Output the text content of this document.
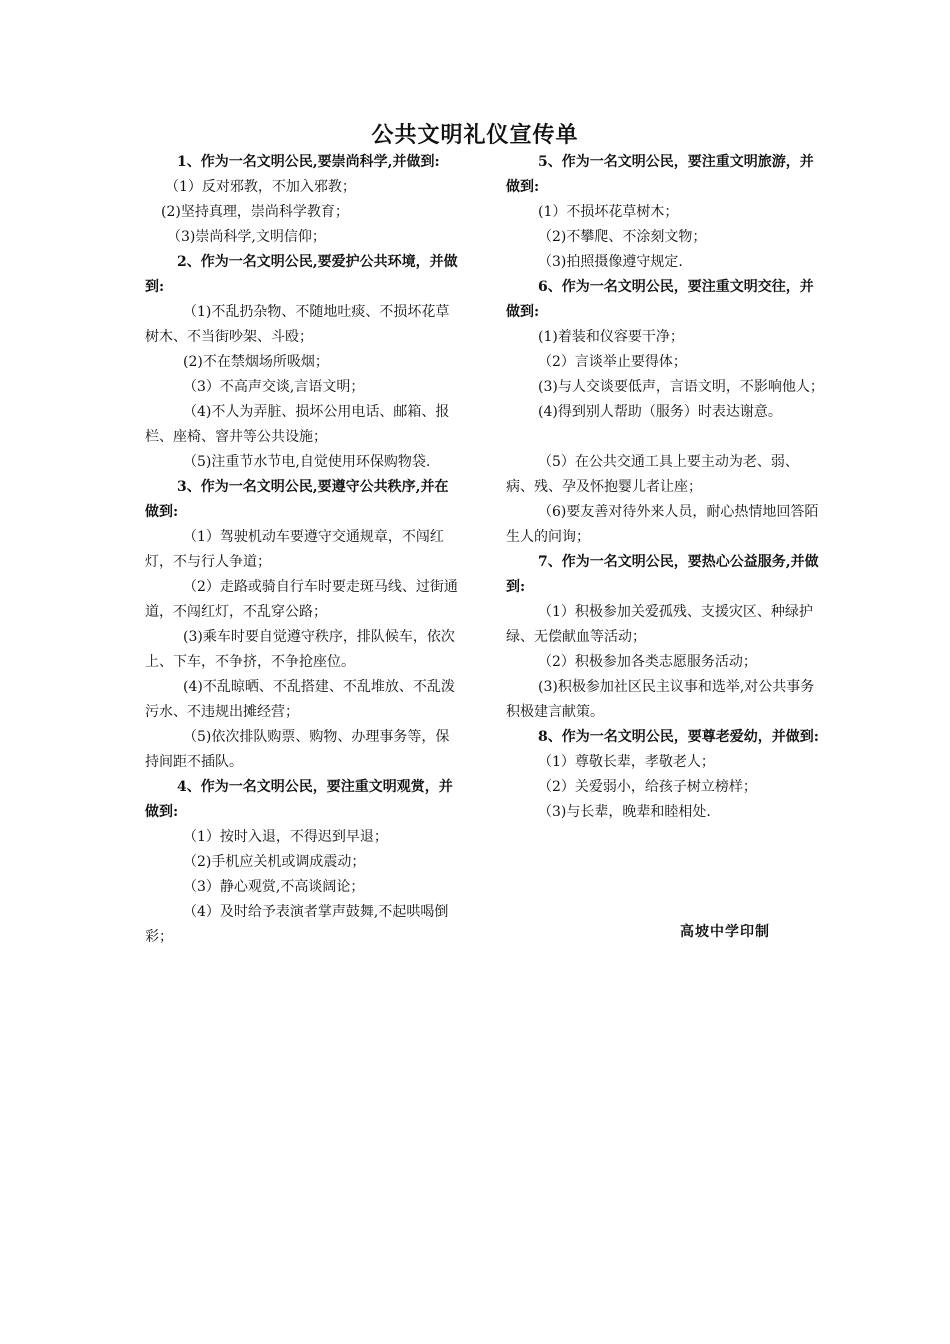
公共文明礼仪宣传单

1、作为一名文明公民,要崇尚科学,并做到:

（1）反对邪教，不加入邪教；

(2)坚持真理，崇尚科学教育；

（3)崇尚科学,文明信仰；

2、作为一名文明公民,要爱护公共环境，并做到:

（1)不乱扔杂物、不随地吐痰、不损坏花草树木、不当街吵架、斗殴；

(2)不在禁烟场所吸烟；

（3）不高声交谈,言语文明；

（4)不人为弄脏、损坏公用电话、邮箱、报栏、座椅、窨井等公共设施；

（5)注重节水节电,自觉使用环保购物袋.

3、作为一名文明公民,要遵守公共秩序,并在做到:

（1）驾驶机动车要遵守交通规章，不闯红灯，不与行人争道；

（2）走路或骑自行车时要走斑马线、过街通道，不闯红灯，不乱穿公路；

(3)乘车时要自觉遵守秩序，排队候车，依次上、下车，不争挤，不争抢座位。

(4)不乱晾晒、不乱搭建、不乱堆放、不乱泼污水、不违规出摊经营；

（5)依次排队购票、购物、办理事务等，保持间距不插队。

4、作为一名文明公民，要注重文明观赏，并做到:

（1）按时入退，不得迟到早退；

（2)手机应关机或调成震动；

（3）静心观赏,不高谈阔论；

（4）及时给予表演者掌声鼓舞,不起哄喝倒彩；

5、作为一名文明公民，要注重文明旅游，并做到:

(1）不损坏花草树木；

（2)不攀爬、不涂刻文物；

（3)拍照摄像遵守规定.

6、作为一名文明公民，要注重文明交往，并做到:

(1)着装和仪容要干净；

（2）言谈举止要得体；

(3)与人交谈要低声，言语文明，不影响他人；

(4)得到别人帮助（服务）时表达谢意。

（5）在公共交通工具上要主动为老、弱、病、残、孕及怀抱婴儿者让座；

（6)要友善对待外来人员，耐心热情地回答陌生人的问询；

7、作为一名文明公民，要热心公益服务,并做到:

（1）积极参加关爱孤残、支援灾区、种绿护绿、无偿献血等活动；

（2）积极参加各类志愿服务活动；

(3)积极参加社区民主议事和选举,对公共事务积极建言献策。

8、作为一名文明公民，要尊老爱幼，并做到:

（1）尊敬长辈，孝敬老人；

（2）关爱弱小，给孩子树立榜样；

（3)与长辈，晚辈和睦相处.

高坡中学印制
